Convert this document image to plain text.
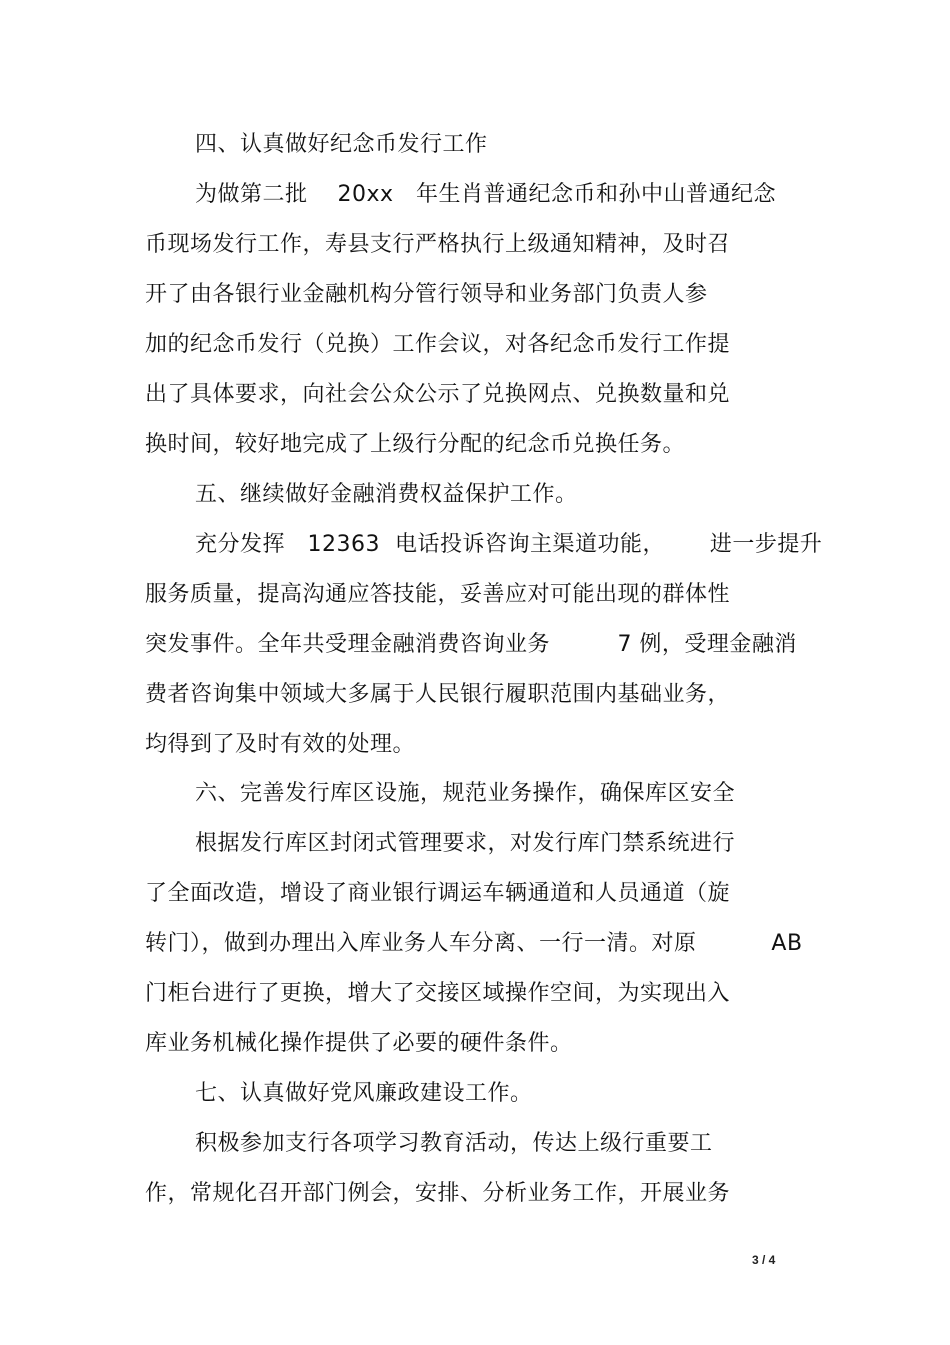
四、认真做好纪念币发行工作
为做第二批    20xx   年生肖普通纪念币和孙中山普通纪念
币现场发行工作，寿县支行严格执行上级通知精神，及时召
开了由各银行业金融机构分管行领导和业务部门负责人参
加的纪念币发行（兑换）工作会议，对各纪念币发行工作提
出了具体要求，向社会公众公示了兑换网点、兑换数量和兑
换时间，较好地完成了上级行分配的纪念币兑换任务。
五、继续做好金融消费权益保护工作。
充分发挥   12363  电话投诉咨询主渠道功能，      进一步提升
服务质量，提高沟通应答技能，妥善应对可能出现的群体性
突发事件。全年共受理金融消费咨询业务         7 例，受理金融消
费者咨询集中领域大多属于人民银行履职范围内基础业务，
均得到了及时有效的处理。
六、完善发行库区设施，规范业务操作，确保库区安全
根据发行库区封闭式管理要求，对发行库门禁系统进行
了全面改造，增设了商业银行调运车辆通道和人员通道（旋
转门），做到办理出入库业务人车分离、一行一清。对原          AB
门柜台进行了更换，增大了交接区域操作空间，为实现出入
库业务机械化操作提供了必要的硬件条件。
七、认真做好党风廉政建设工作。
积极参加支行各项学习教育活动，传达上级行重要工
作，常规化召开部门例会，安排、分析业务工作，开展业务
3 / 4
